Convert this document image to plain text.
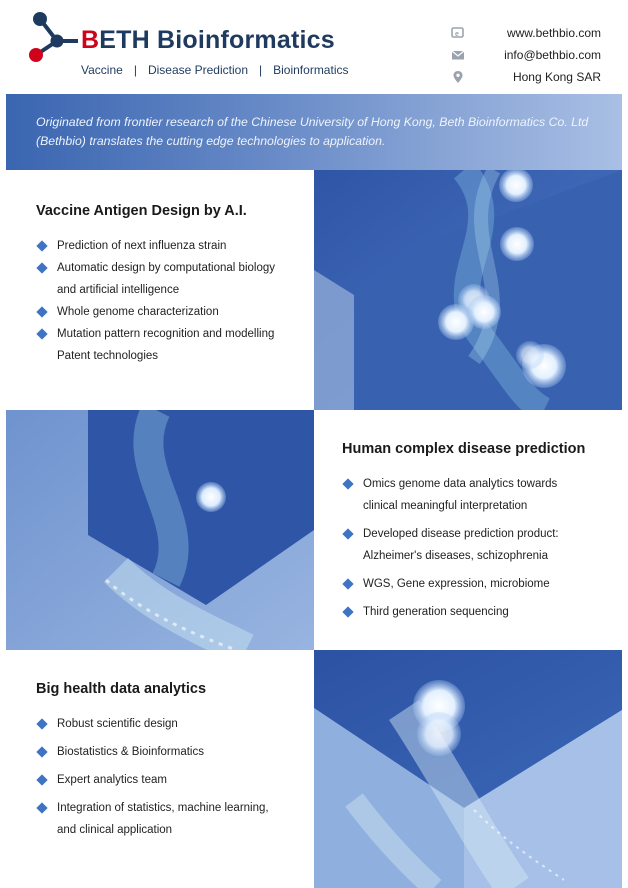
BETH Bioinformatics
Vaccine | Disease Prediction | Bioinformatics
e	www.bethbio.com
info@bethbio.com
Hong Kong SAR

Originated from frontier research of the Chinese University of Hong Kong, Beth Bioinformatics Co. Ltd (Bethbio) translates the cutting edge technologies to application.

Vaccine Antigen Design by A.I.
Prediction of next influenza strain
Automatic design by computational biology
and artificial intelligence
Whole genome characterization
Mutation pattern recognition and modelling
Patent technologies
Human complex disease prediction
Omics genome data analytics towards
clinical meaningful interpretation
Developed disease prediction product:
Alzheimer's diseases, schizophrenia
WGS, Gene expression, microbiome
Third generation sequencing
Big health data analytics
Robust scientific design
Biostatistics & Bioinformatics
Expert analytics team
Integration of statistics, machine learning,
and clinical application
